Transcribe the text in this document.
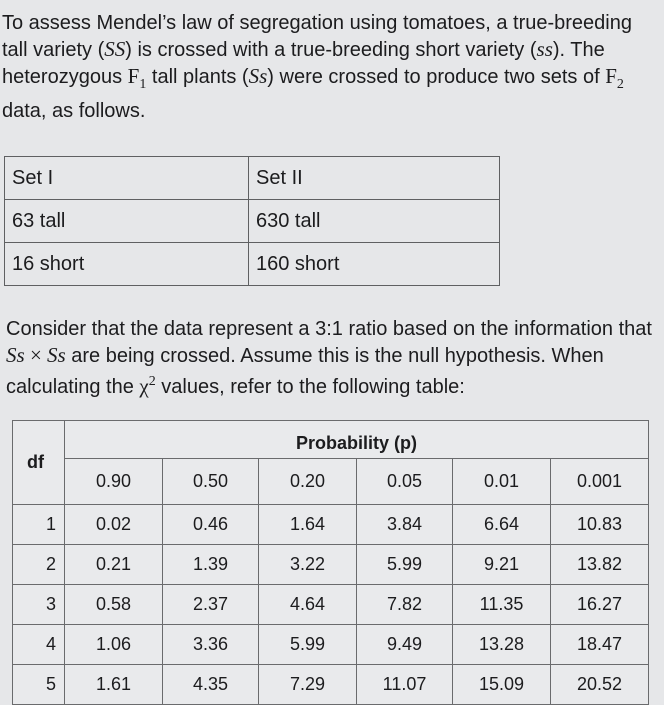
To assess Mendel’s law of segregation using tomatoes, a true-breeding tall variety (SS) is crossed with a true-breeding short variety (ss). The heterozygous $F_1$ tall plants (Ss) were crossed to produce two sets of $F_2$ data, as follows.

Set I	Set II
63 tall	630 tall
16 short	160 short

Consider that the data represent a 3:1 ratio based on the information that Ss × Ss are being crossed. Assume this is the null hypothesis. When calculating the $\chi^2$ values, refer to the following table:

df	Probability (p)					
	0.90	0.50	0.20	0.05	0.01	0.001
1	0.02	0.46	1.64	3.84	6.64	10.83
2	0.21	1.39	3.22	5.99	9.21	13.82
3	0.58	2.37	4.64	7.82	11.35	16.27
4	1.06	3.36	5.99	9.49	13.28	18.47
5	1.61	4.35	7.29	11.07	15.09	20.52
